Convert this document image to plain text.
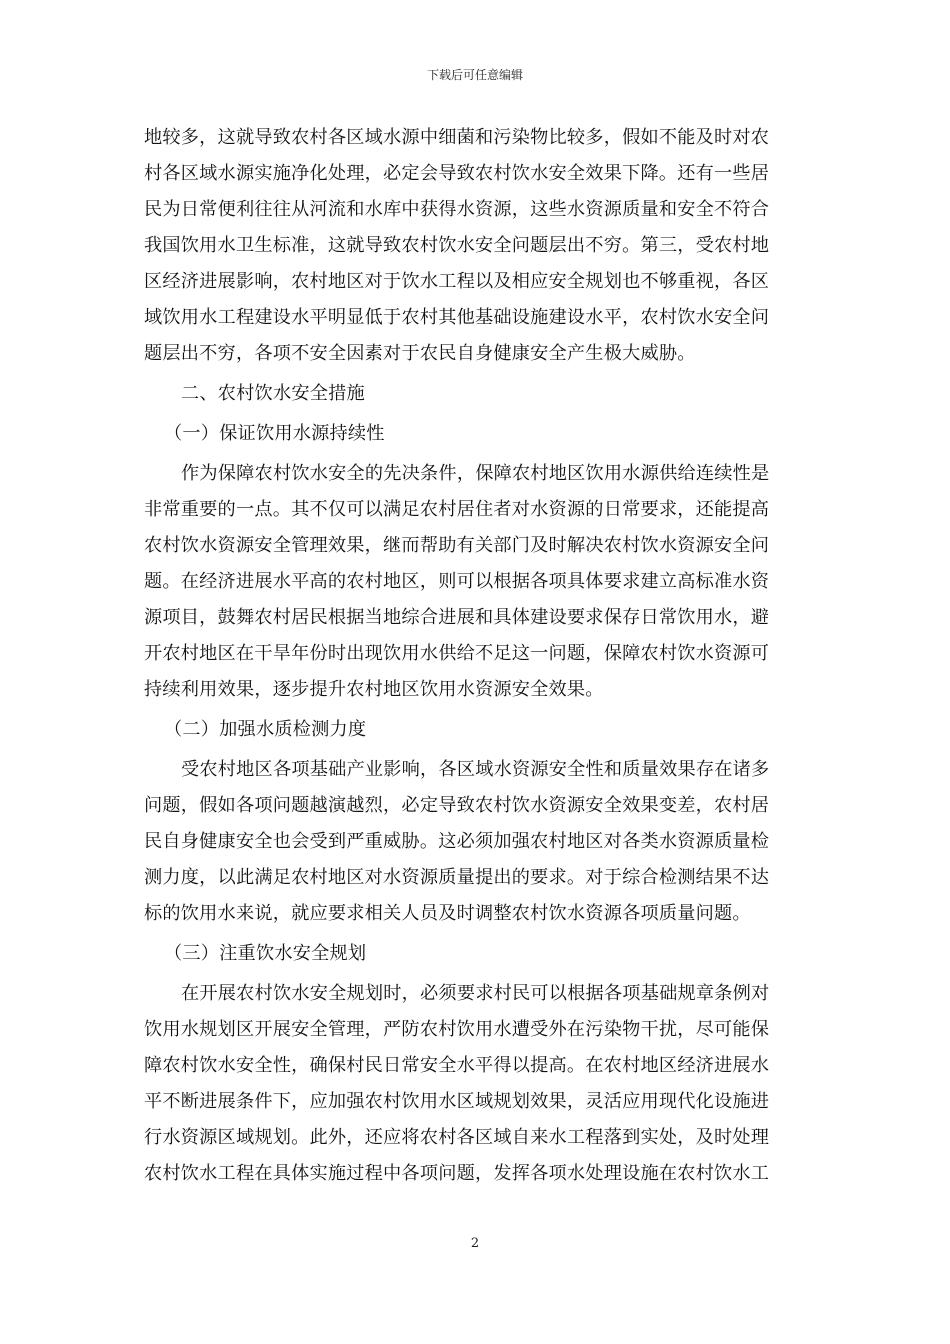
下载后可任意编辑
地较多，这就导致农村各区域水源中细菌和污染物比较多，假如不能及时对农
村各区域水源实施净化处理，必定会导致农村饮水安全效果下降。还有一些居
民为日常便利往往从河流和水库中获得水资源，这些水资源质量和安全不符合
我国饮用水卫生标准，这就导致农村饮水安全问题层出不穷。第三，受农村地
区经济进展影响，农村地区对于饮水工程以及相应安全规划也不够重视，各区
域饮用水工程建设水平明显低于农村其他基础设施建设水平，农村饮水安全问
题层出不穷，各项不安全因素对于农民自身健康安全产生极大威胁。
二、农村饮水安全措施
（一）保证饮用水源持续性
作为保障农村饮水安全的先决条件，保障农村地区饮用水源供给连续性是
非常重要的一点。其不仅可以满足农村居住者对水资源的日常要求，还能提高
农村饮水资源安全管理效果，继而帮助有关部门及时解决农村饮水资源安全问
题。在经济进展水平高的农村地区，则可以根据各项具体要求建立高标准水资
源项目，鼓舞农村居民根据当地综合进展和具体建设要求保存日常饮用水，避
开农村地区在干旱年份时出现饮用水供给不足这一问题，保障农村饮水资源可
持续利用效果，逐步提升农村地区饮用水资源安全效果。
（二）加强水质检测力度
受农村地区各项基础产业影响，各区域水资源安全性和质量效果存在诸多
问题，假如各项问题越演越烈，必定导致农村饮水资源安全效果变差，农村居
民自身健康安全也会受到严重威胁。这必须加强农村地区对各类水资源质量检
测力度，以此满足农村地区对水资源质量提出的要求。对于综合检测结果不达
标的饮用水来说，就应要求相关人员及时调整农村饮水资源各项质量问题。
（三）注重饮水安全规划
在开展农村饮水安全规划时，必须要求村民可以根据各项基础规章条例对
饮用水规划区开展安全管理，严防农村饮用水遭受外在污染物干扰，尽可能保
障农村饮水安全性，确保村民日常安全水平得以提高。在农村地区经济进展水
平不断进展条件下，应加强农村饮用水区域规划效果，灵活应用现代化设施进
行水资源区域规划。此外，还应将农村各区域自来水工程落到实处，及时处理
农村饮水工程在具体实施过程中各项问题，发挥各项水处理设施在农村饮水工
2
